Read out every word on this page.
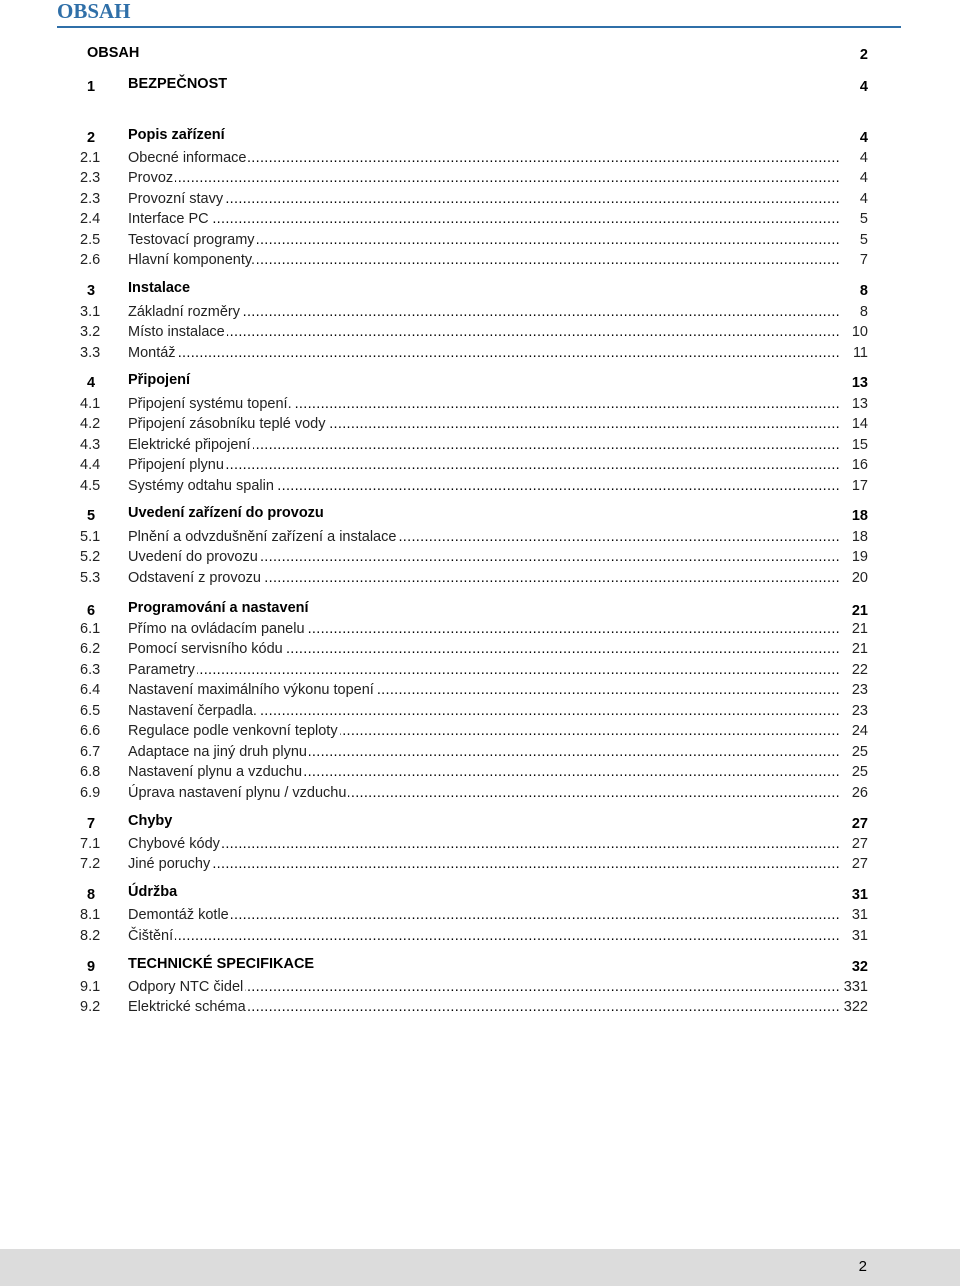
OBSAH
OBSAH	2
1	BEZPEČNOST	4
2	Popis zařízení	4
2.1 .....	Obecné informace	4
2.3 .....	Provoz	4
2.3 .....	Provozní stavy	4
2.4 .....	Interface PC	5
2.5 .....	Testovací programy	5
2.6 .....	Hlavní komponenty.	7
3	Instalace	8
3.1 .....	Základní rozměry	8
3.2 .....	Místo instalace	10
3.3 .....	Montáž	11
4	Připojení	13
4.1 .....	Připojení systému topení.	13
4.2 .....	Připojení zásobníku teplé vody	14
4.3 .....	Elektrické připojení	15
4.4 .....	Připojení plynu	16
4.5 .....	Systémy odtahu spalin	17
5	Uvedení zařízení do provozu	18
5.1 .....	Plnění a odvzdušnění zařízení a instalace	18
5.2 .....	Uvedení do provozu	19
5.3 .....	Odstavení z provozu	20
6	Programování a nastavení	21
6.1 .....	Přímo na ovládacím panelu	21
6.2 .....	Pomocí servisního kódu	21
6.3 .....	Parametry	22
6.4 .....	Nastavení maximálního výkonu topení	23
6.5 .....	Nastavení čerpadla.	23
6.6 .....	Regulace podle venkovní teploty	24
6.7 .....	Adaptace na jiný druh plynu	25
6.8 .....	Nastavení plynu a vzduchu	25
6.9 .....	Úprava nastavení plynu / vzduchu	26
7	Chyby	27
7.1 .....	Chybové kódy	27
7.2 .....	Jiné poruchy	27
8	Údržba	31
8.1 .....	Demontáž kotle	31
8.2 .....	Čištění	31
9	TECHNICKÉ SPECIFIKACE	32
9.1 .....	Odpory NTC čidel	331
9.2 .....	Elektrické schéma	322
2
